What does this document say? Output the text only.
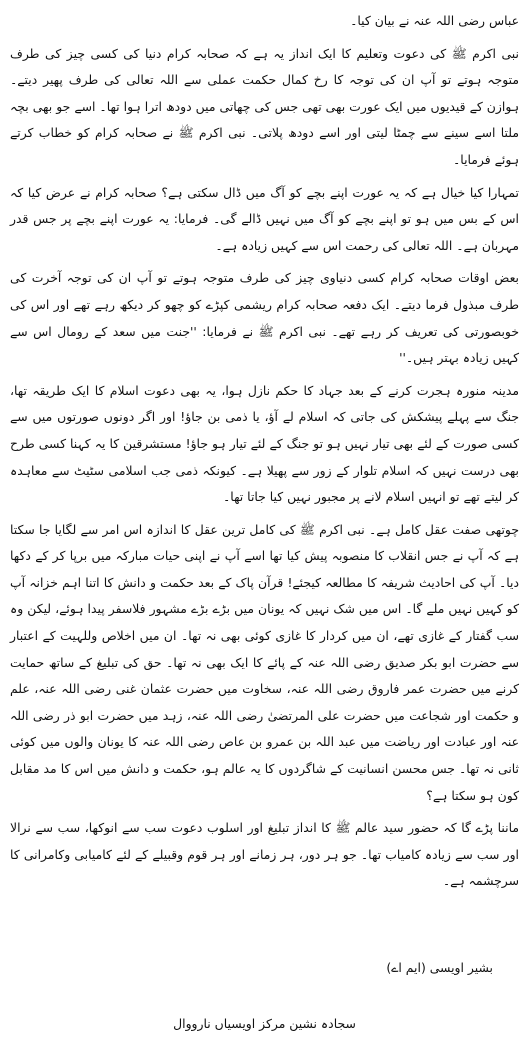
عباس رضی اللہ عنہ نے بیان کیا۔

نبی اکرم ﷺ کی دعوت وتعلیم کا ایک انداز یہ ہے کہ صحابہ کرام دنیا کی کسی چیز کی طرف متوجہ ہوتے تو آپ ان کی توجہ کا رخ کمال حکمت عملی سے اللہ تعالی کی طرف پھیر دیتے۔ ہوازن کے قیدیوں میں ایک عورت بھی تھی جس کی چھاتی میں دودھ اترا ہوا تھا۔ اسے جو بھی بچہ ملتا اسے سینے سے چمٹا لیتی اور اسے دودھ پلاتی۔ نبی اکرم ﷺ نے صحابہ کرام کو خطاب کرتے ہوئے فرمایا۔

تمہارا کیا خیال ہے کہ یہ عورت اپنے بچے کو آگ میں ڈال سکتی ہے؟ صحابہ کرام نے عرض کیا کہ اس کے بس میں ہو تو اپنے بچے کو آگ میں نہیں ڈالے گی۔ فرمایا: یہ عورت اپنے بچے پر جس قدر مہربان ہے۔ اللہ تعالی کی رحمت اس سے کہیں زیادہ ہے۔

بعض اوقات صحابہ کرام کسی دنیاوی چیز کی طرف متوجہ ہوتے تو آپ ان کی توجہ آخرت کی طرف مبذول فرما دیتے۔ ایک دفعہ صحابہ کرام ریشمی کپڑے کو چھو کر دیکھ رہے تھے اور اس کی خوبصورتی کی تعریف کر رہے تھے۔ نبی اکرم ﷺ نے فرمایا: ''جنت میں سعد کے رومال اس سے کہیں زیادہ بہتر ہیں۔''

مدینہ منورہ ہجرت کرنے کے بعد جہاد کا حکم نازل ہوا، یہ بھی دعوت اسلام کا ایک طریقہ تھا، جنگ سے پہلے پیشکش کی جاتی کہ اسلام لے آؤ، یا ذمی بن جاؤ! اور اگر دونوں صورتوں میں سے کسی صورت کے لئے بھی تیار نہیں ہو تو جنگ کے لئے تیار ہو جاؤ! مستشرقین کا یہ کہنا کسی طرح بھی درست نہیں کہ اسلام تلوار کے زور سے پھیلا ہے۔ کیونکہ ذمی جب اسلامی سٹیٹ سے معاہدہ کر لیتے تھے تو انہیں اسلام لانے پر مجبور نہیں کیا جاتا تھا۔

چوتھی صفت عقل کامل ہے۔ نبی اکرم ﷺ کی کامل ترین عقل کا اندازہ اس امر سے لگایا جا سکتا ہے کہ آپ نے جس انقلاب کا منصوبہ پیش کیا تھا اسے آپ نے اپنی حیات مبارکہ میں برپا کر کے دکھا دیا۔ آپ کی احادیث شریفہ کا مطالعہ کیجئے! قرآن پاک کے بعد حکمت و دانش کا اتنا اہم خزانہ آپ کو کہیں نہیں ملے گا۔ اس میں شک نہیں کہ یونان میں بڑے بڑے مشہور فلاسفر پیدا ہوئے، لیکن وہ سب گفتار کے غازی تھے، ان میں کردار کا غازی کوئی بھی نہ تھا۔ ان میں اخلاص وللہیت کے اعتبار سے حضرت ابو بکر صدیق رضی اللہ عنہ کے پائے کا ایک بھی نہ تھا۔ حق کی تبلیغ کے ساتھ حمایت کرنے میں حضرت عمر فاروق رضی اللہ عنہ، سخاوت میں حضرت عثمان غنی رضی اللہ عنہ، علم و حکمت اور شجاعت میں حضرت علی المرتضیٰ رضی اللہ عنہ، زہد میں حضرت ابو ذر رضی اللہ عنہ اور عبادت اور ریاضت میں عبد اللہ بن عمرو بن عاص رضی اللہ عنہ کا یونان والوں میں کوئی ثانی نہ تھا۔ جس محسن انسانیت کے شاگردوں کا یہ عالم ہو، حکمت و دانش میں اس کا مد مقابل کون ہو سکتا ہے؟

ماننا پڑے گا کہ حضور سید عالم ﷺ کا انداز تبلیغ اور اسلوب دعوت سب سے انوکھا، سب سے نرالا اور سب سے زیادہ کامیاب تھا۔ جو ہر دور، ہر زمانے اور ہر قوم وقبیلے کے لئے کامیابی وکامرانی کا سرچشمہ ہے۔

بشیر اویسی (ایم اے)
سجادہ نشین مرکز اویسیاں نارووال
